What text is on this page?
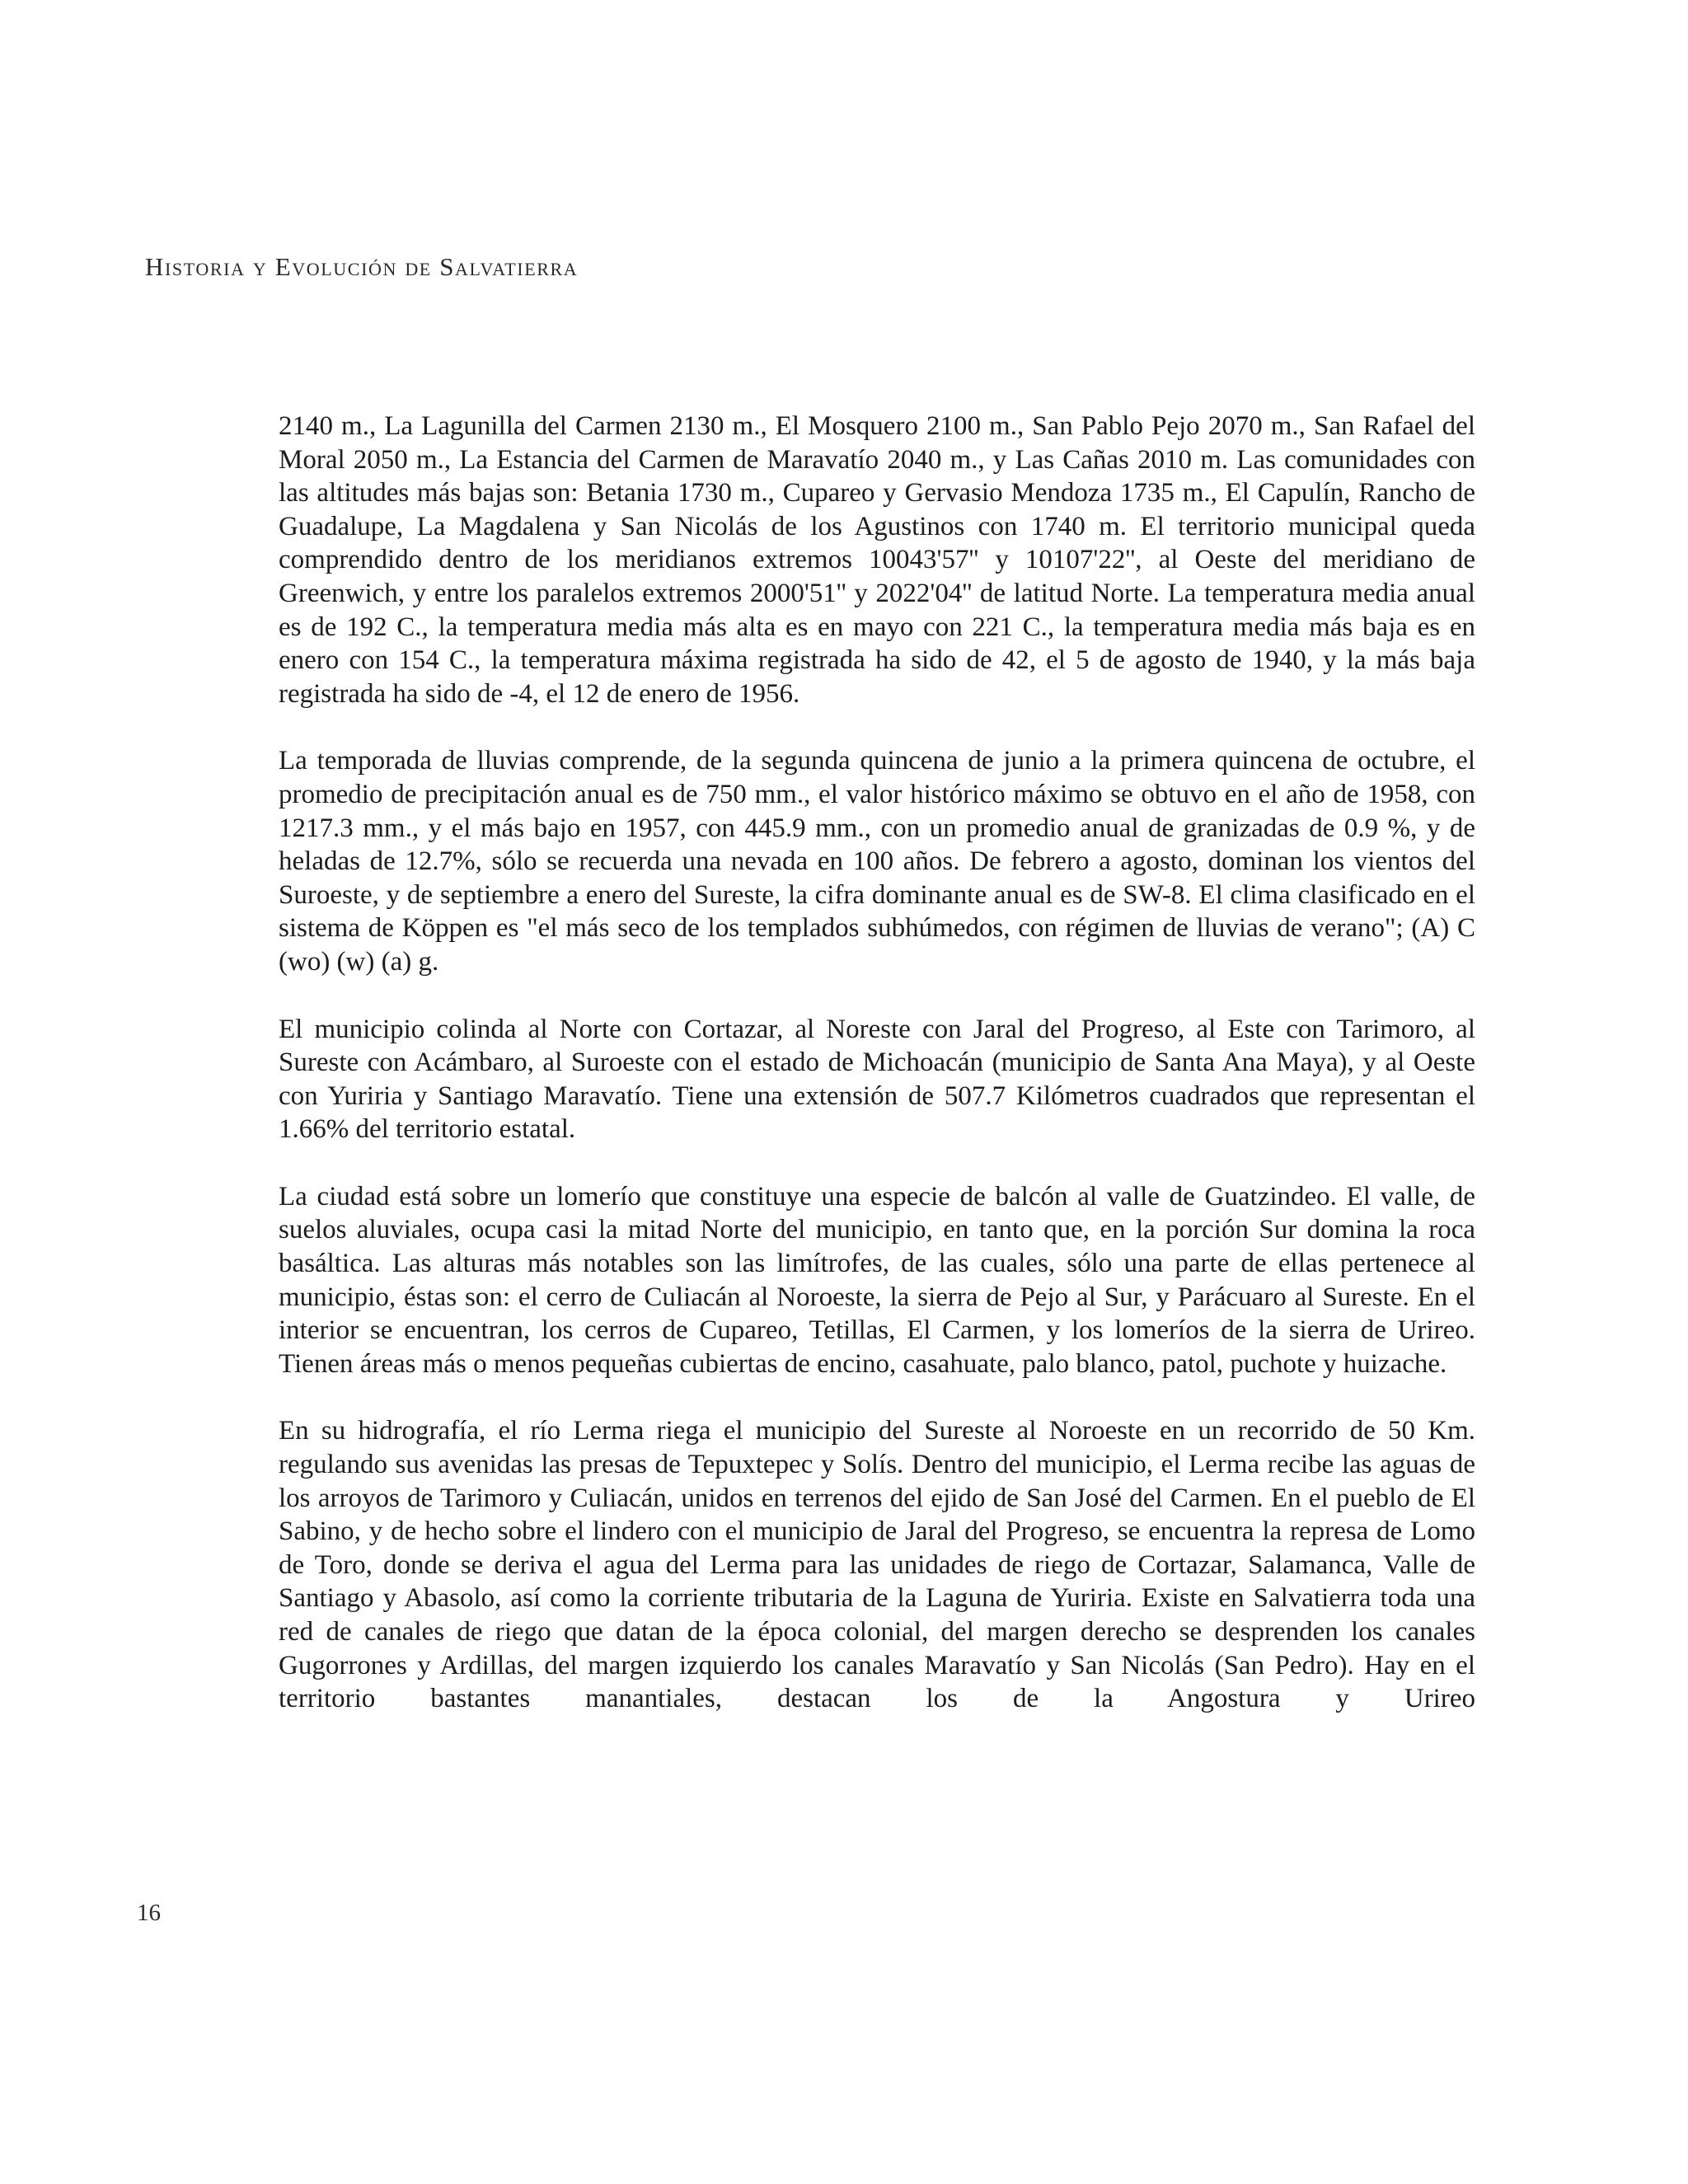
Historia y Evolución de Salvatierra

2140 m., La Lagunilla del Carmen 2130 m., El Mosquero 2100 m., San Pablo Pejo 2070 m., San Rafael del Moral 2050 m., La Estancia del Carmen de Maravatío 2040 m., y Las Cañas 2010 m. Las comunidades con las altitudes más bajas son: Betania 1730 m., Cupareo y Gervasio Mendoza 1735 m., El Capulín, Rancho de Guadalupe, La Magdalena y San Nicolás de los Agustinos con 1740 m. El territorio municipal queda comprendido dentro de los meridianos extremos 10043'57'' y 10107'22'', al Oeste del meridiano de Greenwich, y entre los paralelos extremos 2000'51'' y 2022'04'' de latitud Norte. La temperatura media anual es de 192 C., la temperatura media más alta es en mayo con 221 C., la temperatura media más baja es en enero con 154 C., la temperatura máxima registrada ha sido de 42, el 5 de agosto de 1940, y la más baja registrada ha sido de -4, el 12 de enero de 1956.

La temporada de lluvias comprende, de la segunda quincena de junio a la primera quincena de octubre, el promedio de precipitación anual es de 750 mm., el valor histórico máximo se obtuvo en el año de 1958, con 1217.3 mm., y el más bajo en 1957, con 445.9 mm., con un promedio anual de granizadas de 0.9 %, y de heladas de 12.7%, sólo se recuerda una nevada en 100 años. De febrero a agosto, dominan los vientos del Suroeste, y de septiembre a enero del Sureste, la cifra dominante anual es de SW-8. El clima clasificado en el sistema de Köppen es "el más seco de los templados subhúmedos, con régimen de lluvias de verano"; (A) C (wo) (w) (a) g.

El municipio colinda al Norte con Cortazar, al Noreste con Jaral del Progreso, al Este con Tarimoro, al Sureste con Acámbaro, al Suroeste con el estado de Michoacán (municipio de Santa Ana Maya), y al Oeste con Yuriria y Santiago Maravatío. Tiene una extensión de 507.7 Kilómetros cuadrados que representan el 1.66% del territorio estatal.

La ciudad está sobre un lomerío que constituye una especie de balcón al valle de Guatzindeo. El valle, de suelos aluviales, ocupa casi la mitad Norte del municipio, en tanto que, en la porción Sur domina la roca basáltica. Las alturas más notables son las limítrofes, de las cuales, sólo una parte de ellas pertenece al municipio, éstas son: el cerro de Culiacán al Noroeste, la sierra de Pejo al Sur, y Parácuaro al Sureste. En el interior se encuentran, los cerros de Cupareo, Tetillas, El Carmen, y los lomeríos de la sierra de Urireo. Tienen áreas más o menos pequeñas cubiertas de encino, casahuate, palo blanco, patol, puchote y huizache.

En su hidrografía, el río Lerma riega el municipio del Sureste al Noroeste en un recorrido de 50 Km. regulando sus avenidas las presas de Tepuxtepec y Solís. Dentro del municipio, el Lerma recibe las aguas de los arroyos de Tarimoro y Culiacán, unidos en terrenos del ejido de San José del Carmen. En el pueblo de El Sabino, y de hecho sobre el lindero con el municipio de Jaral del Progreso, se encuentra la represa de Lomo de Toro, donde se deriva el agua del Lerma para las unidades de riego de Cortazar, Salamanca, Valle de Santiago y Abasolo, así como la corriente tributaria de la Laguna de Yuriria. Existe en Salvatierra toda una red de canales de riego que datan de la época colonial, del margen derecho se desprenden los canales Gugorrones y Ardillas, del margen izquierdo los canales Maravatío y San Nicolás (San Pedro). Hay en el territorio bastantes manantiales, destacan los de la Angostura y Urireo

16
